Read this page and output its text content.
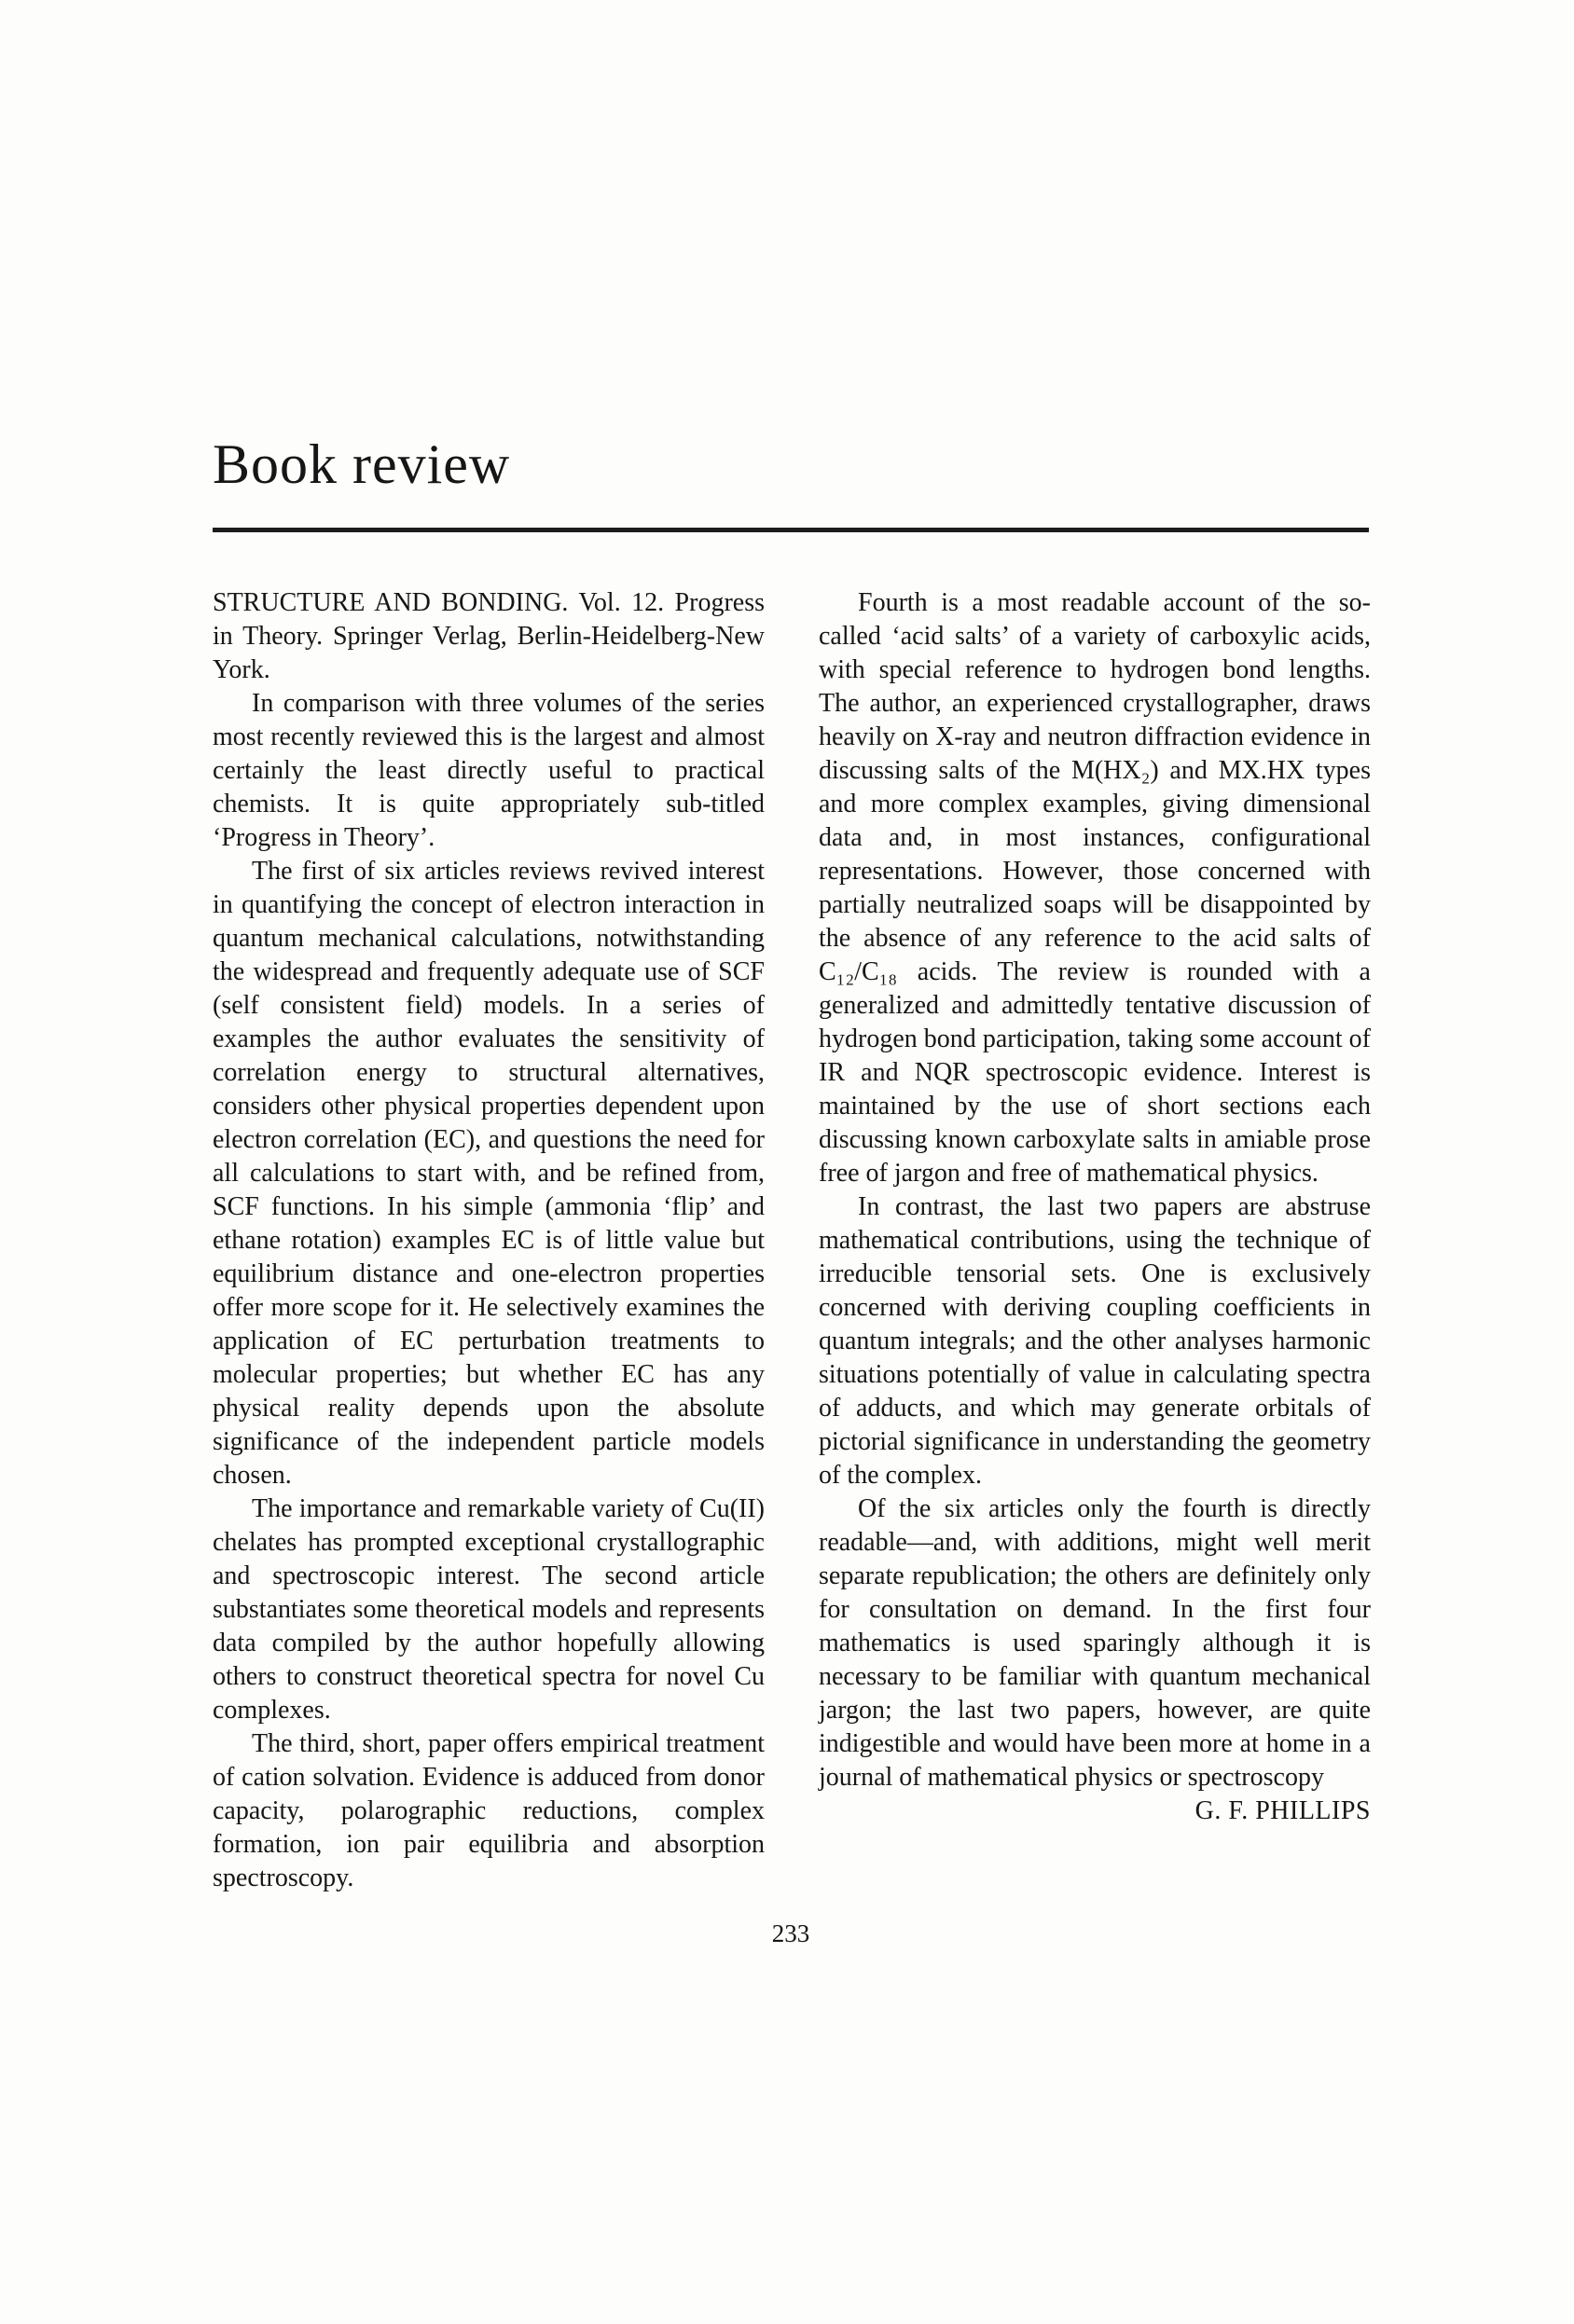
Book review

STRUCTURE AND BONDING. Vol. 12. Progress in Theory. Springer Verlag, Berlin-Heidelberg-New York.

In comparison with three volumes of the series most recently reviewed this is the largest and almost certainly the least directly useful to practical chemists. It is quite appropriately sub-titled ‘Progress in Theory’.

The first of six articles reviews revived interest in quantifying the concept of electron interaction in quantum mechanical calculations, notwithstanding the widespread and frequently adequate use of SCF (self consistent field) models. In a series of examples the author evaluates the sensitivity of correlation energy to structural alternatives, considers other physical properties dependent upon electron correlation (EC), and questions the need for all calculations to start with, and be refined from, SCF functions. In his simple (ammonia ‘flip’ and ethane rotation) examples EC is of little value but equilibrium distance and one-electron properties offer more scope for it. He selectively examines the application of EC perturbation treatments to molecular properties; but whether EC has any physical reality depends upon the absolute significance of the independent particle models chosen.

The importance and remarkable variety of Cu(II) chelates has prompted exceptional crystallographic and spectroscopic interest. The second article substantiates some theoretical models and represents data compiled by the author hopefully allowing others to construct theoretical spectra for novel Cu complexes.

The third, short, paper offers empirical treatment of cation solvation. Evidence is adduced from donor capacity, polarographic reductions, complex formation, ion pair equilibria and absorption spectroscopy.

Fourth is a most readable account of the so-called ‘acid salts’ of a variety of carboxylic acids, with special reference to hydrogen bond lengths. The author, an experienced crystallographer, draws heavily on X-ray and neutron diffraction evidence in discussing salts of the M(HX₂) and MX.HX types and more complex examples, giving dimensional data and, in most instances, configurational representations. However, those concerned with partially neutralized soaps will be disappointed by the absence of any reference to the acid salts of C₁₂/C₁₈ acids. The review is rounded with a generalized and admittedly tentative discussion of hydrogen bond participation, taking some account of IR and NQR spectroscopic evidence. Interest is maintained by the use of short sections each discussing known carboxylate salts in amiable prose free of jargon and free of mathematical physics.

In contrast, the last two papers are abstruse mathematical contributions, using the technique of irreducible tensorial sets. One is exclusively concerned with deriving coupling coefficients in quantum integrals; and the other analyses harmonic situations potentially of value in calculating spectra of adducts, and which may generate orbitals of pictorial significance in understanding the geometry of the complex.

Of the six articles only the fourth is directly readable—and, with additions, might well merit separate republication; the others are definitely only for consultation on demand. In the first four mathematics is used sparingly although it is necessary to be familiar with quantum mechanical jargon; the last two papers, however, are quite indigestible and would have been more at home in a journal of mathematical physics or spectroscopy
G. F. PHILLIPS

233
